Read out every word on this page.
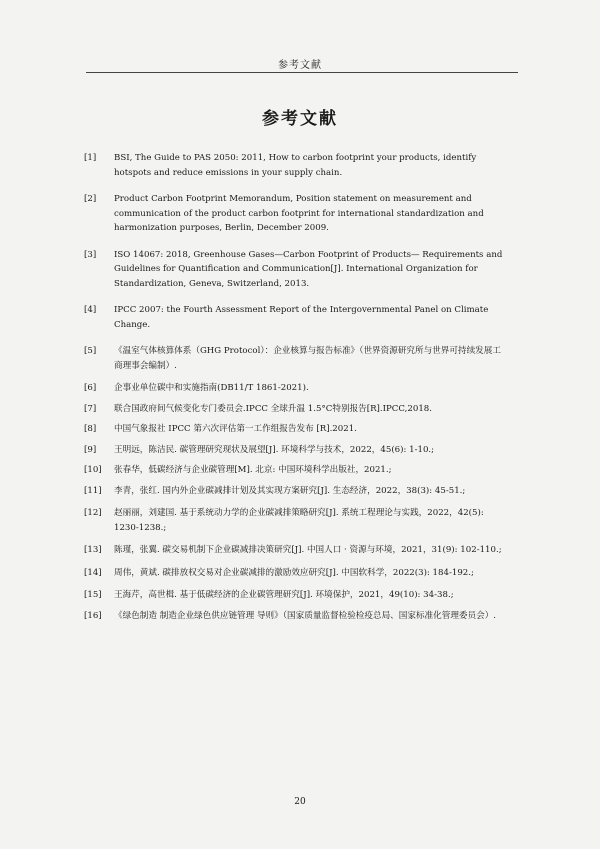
参考文献
参考文献
[1] BSI, The Guide to PAS 2050: 2011, How to carbon footprint your products, identify hotspots and reduce emissions in your supply chain.
[2] Product Carbon Footprint Memorandum, Position statement on measurement and communication of the product carbon footprint for international standardization and harmonization purposes, Berlin, December 2009.
[3] ISO 14067: 2018, Greenhouse Gases—Carbon Footprint of Products— Requirements and Guidelines for Quantification and Communication[J]. International Organization for Standardization, Geneva, Switzerland, 2013.
[4] IPCC 2007: the Fourth Assessment Report of the Intergovernmental Panel on Climate Change.
[5] 《温室气体核算体系（GHG Protocol）：企业核算与报告标准》（世界资源研究所与世界可持续发展工商理事会编制）.
[6] 企事业单位碳中和实施指南(DB11/T 1861-2021).
[7] 联合国政府间气候变化专门委员会.IPCC 全球升温 1.5°C特别报告[R].IPCC,2018.
[8] 中国气象报社 IPCC 第六次评估第一工作组报告发布 [R].2021.
[9] 王明远，陈洁民. 碳管理研究现状及展望[J]. 环境科学与技术，2022，45(6): 1-10.;
[10] 张春华，低碳经济与企业碳管理[M]. 北京: 中国环境科学出版社，2021.;
[11] 李青，张红. 国内外企业碳减排计划及其实现方案研究[J]. 生态经济，2022，38(3): 45-51.;
[12] 赵丽丽，刘建国. 基于系统动力学的企业碳减排策略研究[J]. 系统工程理论与实践，2022，42(5): 1230-1238.;
[13] 陈瑾，张翼. 碳交易机制下企业碳减排决策研究[J]. 中国人口 · 资源与环境，2021，31(9): 102-110.;
[14] 周伟，黄斌. 碳排放权交易对企业碳减排的激励效应研究[J]. 中国软科学，2022(3): 184-192.;
[15] 王海芹，高世楫. 基于低碳经济的企业碳管理研究[J]. 环境保护，2021，49(10): 34-38.;
[16] 《绿色制造 制造企业绿色供应链管理 导则》（国家质量监督检验检疫总局、国家标准化管理委员会）.
20
